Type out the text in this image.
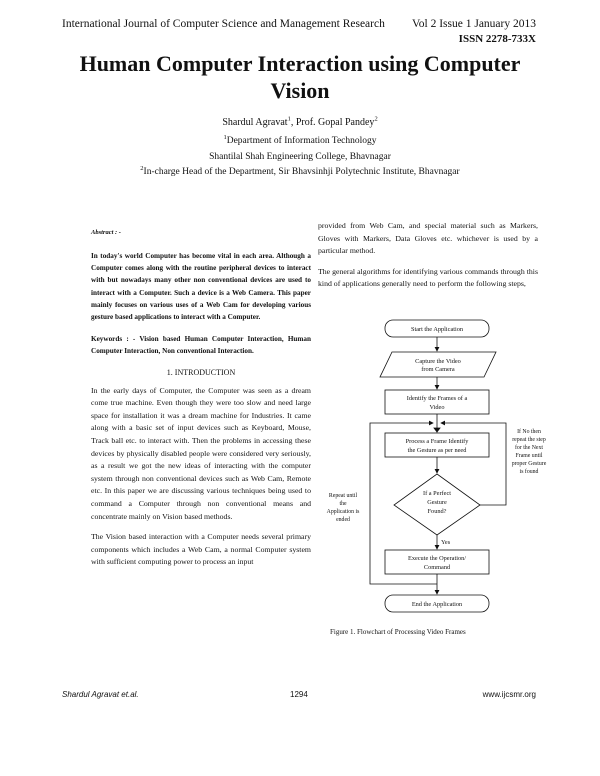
International Journal of Computer Science and Management Research Vol 2 Issue 1 January 2013
ISSN 2278-733X
Human Computer Interaction using Computer
Vision
Shardul Agravat$^1$, Prof. Gopal Pandey$^2$
$^1$Department of Information Technology
Shantilal Shah Engineering College, Bhavnagar
$^2$In-charge Head of the Department, Sir Bhavsinhji Polytechnic Institute, Bhavnagar
Abstract : -

In today's world Computer has become vital in each area. Although a Computer comes along with the routine peripheral devices to interact with but nowadays many other non conventional devices are used to interact with a Computer. Such a device is a Web Camera. This paper mainly focuses on various uses of a Web Cam for developing various gesture based applications to interact with a Computer.

Keywords : - Vision based Human Computer Interaction, Human Computer Interaction, Non conventional Interaction.

1. INTRODUCTION

In the early days of Computer, the Computer was seen as a dream come true machine. Even though they were too slow and need large space for installation it was a dream machine for Industries. It came along with a basic set of input devices such as Keyboard, Mouse, Track ball etc. to interact with. Then the problems in accessing these devices by physically disabled people were considered very seriously, as a result we got the new ideas of interacting with the computer system through non conventional devices such as Web Cam, Remote etc. In this paper we are discussing various techniques being used to command a Computer through non conventional means and concentrate mainly on Vision based methods.

The Vision based interaction with a Computer needs several primary components which includes a Web Cam, a normal Computer system with sufficient computing power to process an input

provided from Web Cam, and special material such as Markers, Gloves with Markers, Data Gloves etc. whichever is used by a particular method.

The general algorithms for identifying various commands through this kind of applications generally need to perform the following steps,

Start the Application
Capture the Video
from Camera
Identify the Frames of a
Video
Process a Frame Identify
the Gesture as per need
If a Perfect
Gesture
Found?
Yes
Execute the Operation/
Command
End the Application
If No then
repeat the step
for the Next
Frame until
proper Gesture
is found
Repeat until
the
Application is
ended
Figure 1. Flowchart of Processing Video Frames
Shardul Agravat et.al.	1294	www.ijcsmr.org
